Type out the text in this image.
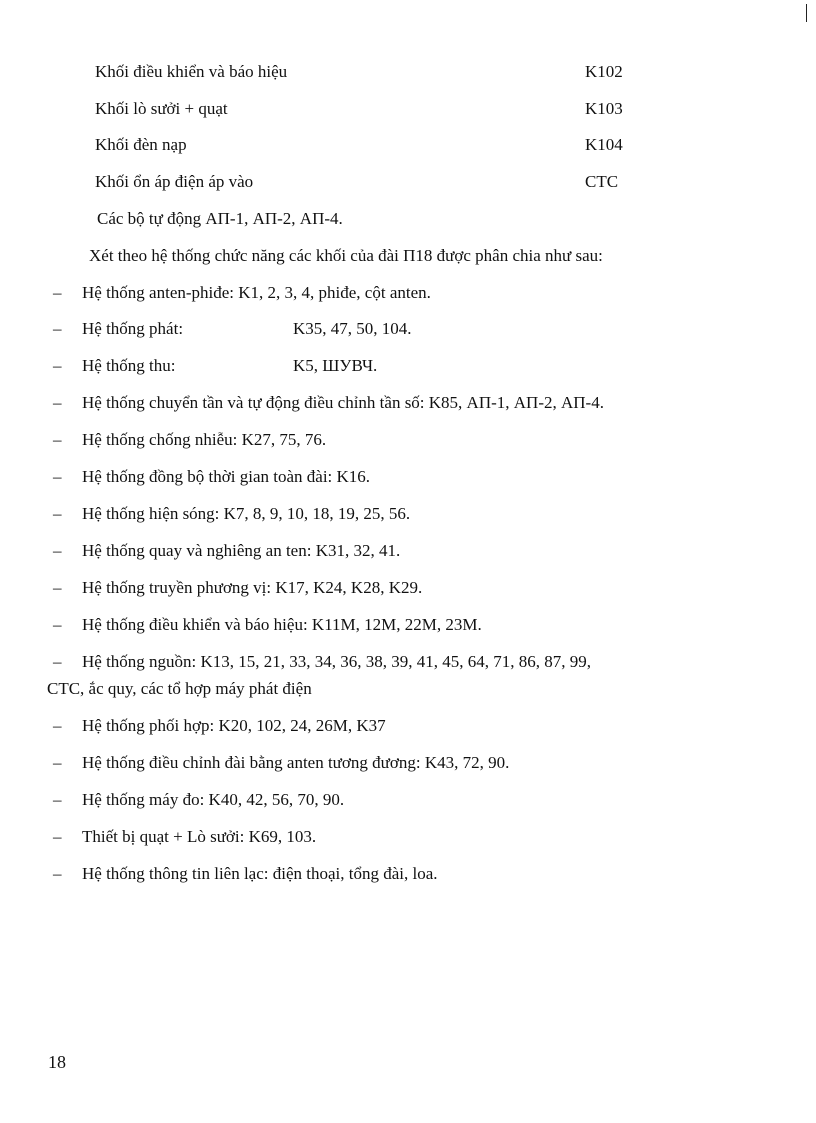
Khối điều khiển và báo hiệu	K102
Khối lò sưởi + quạt	K103
Khối đèn nạp	K104
Khối ổn áp điện áp vào	CTC
Các bộ tự động АП-1, АП-2, АП-4.
Xét theo hệ thống chức năng các khối của đài П18 được phân chia như sau:
– Hệ thống anten-phiđe: K1, 2, 3, 4, phiđe, cột anten.
– Hệ thống phát:	K35, 47, 50, 104.
– Hệ thống thu:	K5, ШУВЧ.
– Hệ thống chuyển tần và tự động điều chỉnh tần số: K85, АП-1, АП-2, АП-4.
– Hệ thống chống nhiễu: K27, 75, 76.
– Hệ thống đồng bộ thời gian toàn đài: K16.
– Hệ thống hiện sóng: K7, 8, 9, 10, 18, 19, 25, 56.
– Hệ thống quay và nghiêng an ten: K31, 32, 41.
– Hệ thống truyền phương vị: K17, K24, K28, K29.
– Hệ thống điều khiển và báo hiệu: K11M, 12M, 22M, 23M.
– Hệ thống nguồn: K13, 15, 21, 33, 34, 36, 38, 39, 41, 45, 64, 71, 86, 87, 99,
CTC, ắc quy, các tổ hợp máy phát điện
– Hệ thống phối hợp: K20, 102, 24, 26M, K37
– Hệ thống điều chỉnh đài bằng anten tương đương: K43, 72, 90.
– Hệ thống máy đo: K40, 42, 56, 70, 90.
– Thiết bị quạt + Lò sưởi: K69, 103.
– Hệ thống thông tin liên lạc: điện thoại, tổng đài, loa.
18
